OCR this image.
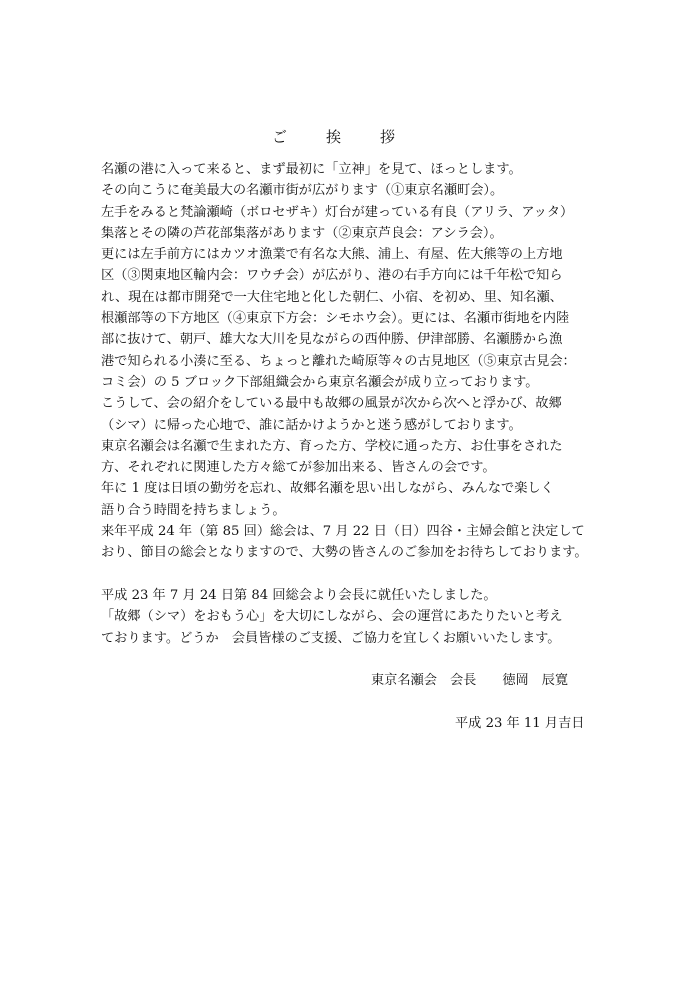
ご　挨　拶
名瀬の港に入って来ると、まず最初に「立神」を見て、ほっとします。
その向こうに奄美最大の名瀬市街が広がります（①東京名瀬町会）。
左手をみると梵論瀬崎（ボロセザキ）灯台が建っている有良（アリラ、アッタ）
集落とその隣の芦花部集落があります（②東京芦良会：アシラ会）。
更には左手前方にはカツオ漁業で有名な大熊、浦上、有屋、佐大熊等の上方地
区（③関東地区輪内会：ワウチ会）が広がり、港の右手方向には千年松で知ら
れ、現在は都市開発で一大住宅地と化した朝仁、小宿、を初め、里、知名瀬、
根瀬部等の下方地区（④東京下方会：シモホウ会）。更には、名瀬市街地を内陸
部に抜けて、朝戸、雄大な大川を見ながらの西仲勝、伊津部勝、名瀬勝から漁
港で知られる小湊に至る、ちょっと離れた崎原等々の古見地区（⑤東京古見会：
コミ会）の 5 ブロック下部組織会から東京名瀬会が成り立っております。
こうして、会の紹介をしている最中も故郷の風景が次から次へと浮かび、故郷
（シマ）に帰った心地で、誰に話かけようかと迷う感がしております。
東京名瀬会は名瀬で生まれた方、育った方、学校に通った方、お仕事をされた
方、それぞれに関連した方々総てが参加出来る、皆さんの会です。
年に 1 度は日頃の勤労を忘れ、故郷名瀬を思い出しながら、みんなで楽しく
語り合う時間を持ちましょう。
来年平成 24 年（第 85 回）総会は、7 月 22 日（日）四谷・主婦会館と決定して
おり、節目の総会となりますので、大勢の皆さんのご参加をお待ちしております。
平成 23 年 7 月 24 日第 84 回総会より会長に就任いたしました。
「故郷（シマ）をおもう心」を大切にしながら、会の運営にあたりたいと考え
ております。どうか　会員皆様のご支援、ご協力を宜しくお願いいたします。
東京名瀬会 会長 徳岡 辰寛
平成 23 年 11 月吉日
